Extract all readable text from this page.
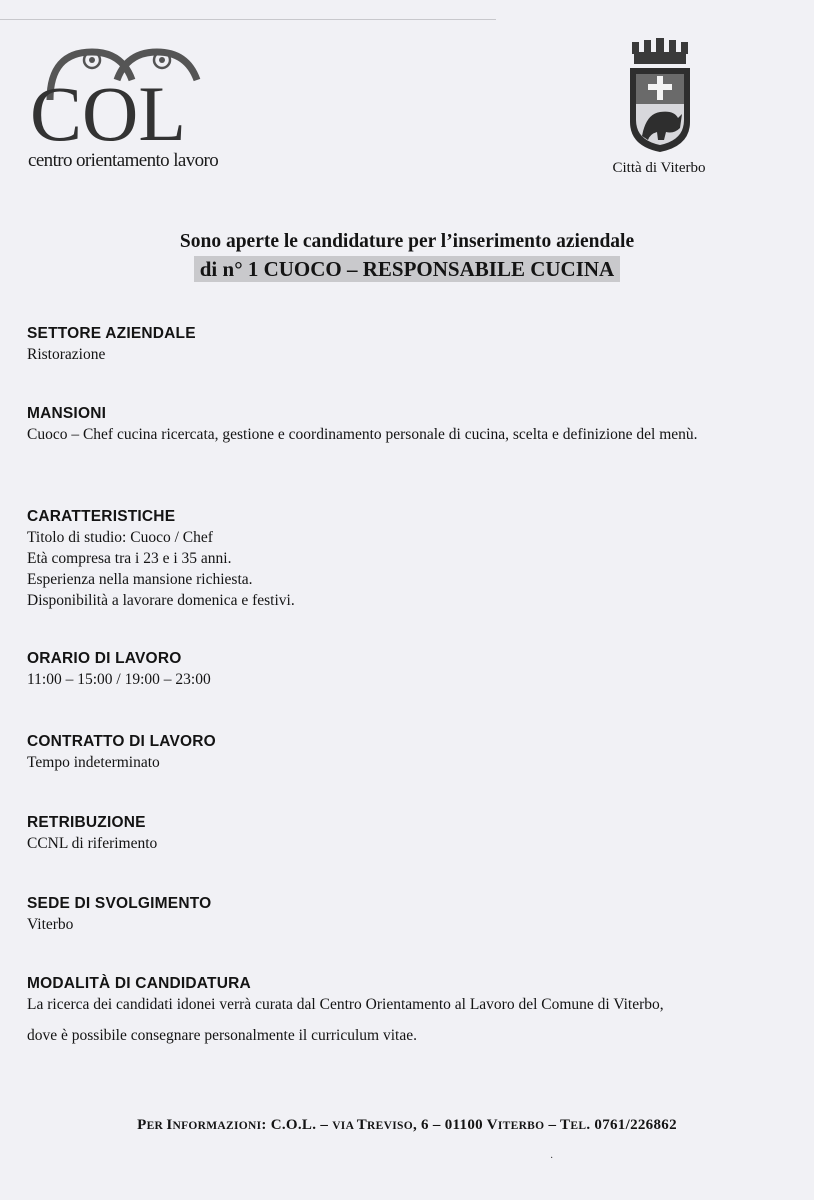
COL
centro orientamento lavoro	Città di Viterbo
Sono aperte le candidature per l’inserimento aziendale
di n° 1 CUOCO – RESPONSABILE CUCINA
SETTORE AZIENDALE
Ristorazione
MANSIONI
Cuoco – Chef cucina ricercata, gestione e coordinamento personale di cucina, scelta e definizione del menù.
CARATTERISTICHE
Titolo di studio: Cuoco / Chef
Età compresa tra i 23 e i 35 anni.
Esperienza nella mansione richiesta.
Disponibilità a lavorare domenica e festivi.
ORARIO DI LAVORO
11:00 – 15:00 / 19:00 – 23:00
CONTRATTO DI LAVORO
Tempo indeterminato
RETRIBUZIONE
CCNL di riferimento
SEDE DI SVOLGIMENTO
Viterbo
MODALITÀ DI CANDIDATURA
La ricerca dei candidati idonei verrà curata dal Centro Orientamento al Lavoro del Comune di Viterbo,
dove è possibile consegnare personalmente il curriculum vitae.
PER INFORMAZIONI: C.O.L. – VIA TREVISO, 6 – 01100 VITERBO – TEL. 0761/226862
·
